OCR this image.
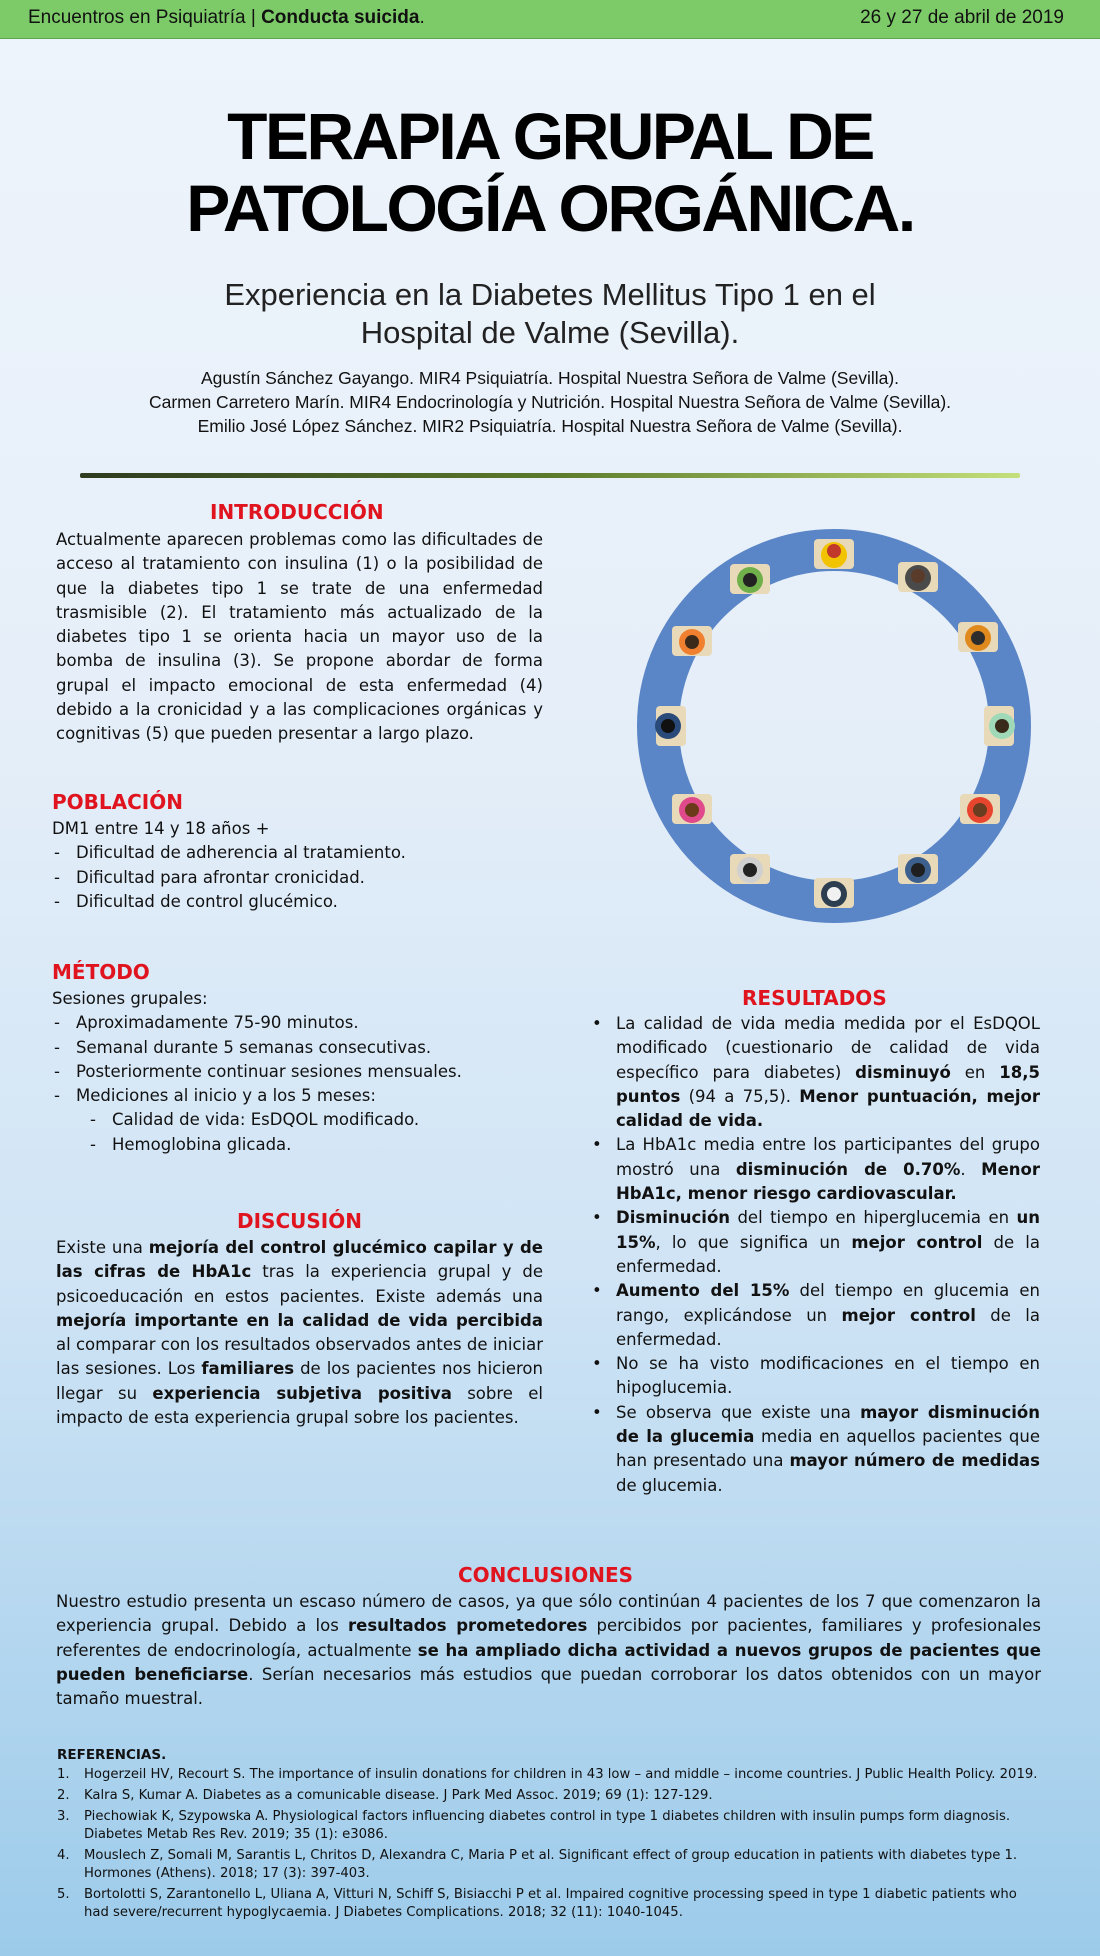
Encuentros en Psiquiatría | Conducta suicida.	26 y 27 de abril de 2019
TERAPIA GRUPAL DE
PATOLOGÍA ORGÁNICA.
Experiencia en la Diabetes Mellitus Tipo 1 en el
Hospital de Valme (Sevilla).
Agustín Sánchez Gayango. MIR4 Psiquiatría. Hospital Nuestra Señora de Valme (Sevilla).
Carmen Carretero Marín. MIR4 Endocrinología y Nutrición. Hospital Nuestra Señora de Valme (Sevilla).
Emilio José López Sánchez. MIR2 Psiquiatría. Hospital Nuestra Señora de Valme (Sevilla).
INTRODUCCIÓN
Actualmente aparecen problemas como las dificultades de acceso al tratamiento con insulina (1) o la posibilidad de que la diabetes tipo 1 se trate de una enfermedad trasmisible (2). El tratamiento más actualizado de la diabetes tipo 1 se orienta hacia un mayor uso de la bomba de insulina (3). Se propone abordar de forma grupal el impacto emocional de esta enfermedad (4) debido a la cronicidad y a las complicaciones orgánicas y cognitivas (5) que pueden presentar a largo plazo.
POBLACIÓN
DM1 entre 14 y 18 años +
- Dificultad de adherencia al tratamiento.
- Dificultad para afrontar cronicidad.
- Dificultad de control glucémico.
MÉTODO
Sesiones grupales:
- Aproximadamente 75-90 minutos.
- Semanal durante 5 semanas consecutivas.
- Posteriormente continuar sesiones mensuales.
- Mediciones al inicio y a los 5 meses:
- Calidad de vida: EsDQOL modificado.
- Hemoglobina glicada.
DISCUSIÓN
Existe una mejoría del control glucémico capilar y de las cifras de HbA1c tras la experiencia grupal y de psicoeducación en estos pacientes. Existe además una mejoría importante en la calidad de vida percibida al comparar con los resultados observados antes de iniciar las sesiones. Los familiares de los pacientes nos hicieron llegar su experiencia subjetiva positiva sobre el impacto de esta experiencia grupal sobre los pacientes.
RESULTADOS
• La calidad de vida media medida por el EsDQOL modificado (cuestionario de calidad de vida específico para diabetes) disminuyó en 18,5 puntos (94 a 75,5). Menor puntuación, mejor calidad de vida.
• La HbA1c media entre los participantes del grupo mostró una disminución de 0.70%. Menor HbA1c, menor riesgo cardiovascular.
• Disminución del tiempo en hiperglucemia en un 15%, lo que significa un mejor control de la enfermedad.
• Aumento del 15% del tiempo en glucemia en rango, explicándose un mejor control de la enfermedad.
• No se ha visto modificaciones en el tiempo en hipoglucemia.
• Se observa que existe una mayor disminución de la glucemia media en aquellos pacientes que han presentado una mayor número de medidas de glucemia.
CONCLUSIONES
Nuestro estudio presenta un escaso número de casos, ya que sólo continúan 4 pacientes de los 7 que comenzaron la experiencia grupal. Debido a los resultados prometedores percibidos por pacientes, familiares y profesionales referentes de endocrinología, actualmente se ha ampliado dicha actividad a nuevos grupos de pacientes que pueden beneficiarse. Serían necesarios más estudios que puedan corroborar los datos obtenidos con un mayor tamaño muestral.
REFERENCIAS.
1. Hogerzeil HV, Recourt S. The importance of insulin donations for children in 43 low – and middle – income countries. J Public Health Policy. 2019.
2. Kalra S, Kumar A. Diabetes as a comunicable disease. J Park Med Assoc. 2019; 69 (1): 127-129.
3. Piechowiak K, Szypowska A. Physiological factors influencing diabetes control in type 1 diabetes children with insulin pumps form diagnosis. Diabetes Metab Res Rev. 2019; 35 (1): e3086.
4. Mouslech Z, Somali M, Sarantis L, Chritos D, Alexandra C, Maria P et al. Significant effect of group education in patients with diabetes type 1. Hormones (Athens). 2018; 17 (3): 397-403.
5. Bortolotti S, Zarantonello L, Uliana A, Vitturi N, Schiff S, Bisiacchi P et al. Impaired cognitive processing speed in type 1 diabetic patients who had severe/recurrent hypoglycaemia. J Diabetes Complications. 2018; 32 (11): 1040-1045.
